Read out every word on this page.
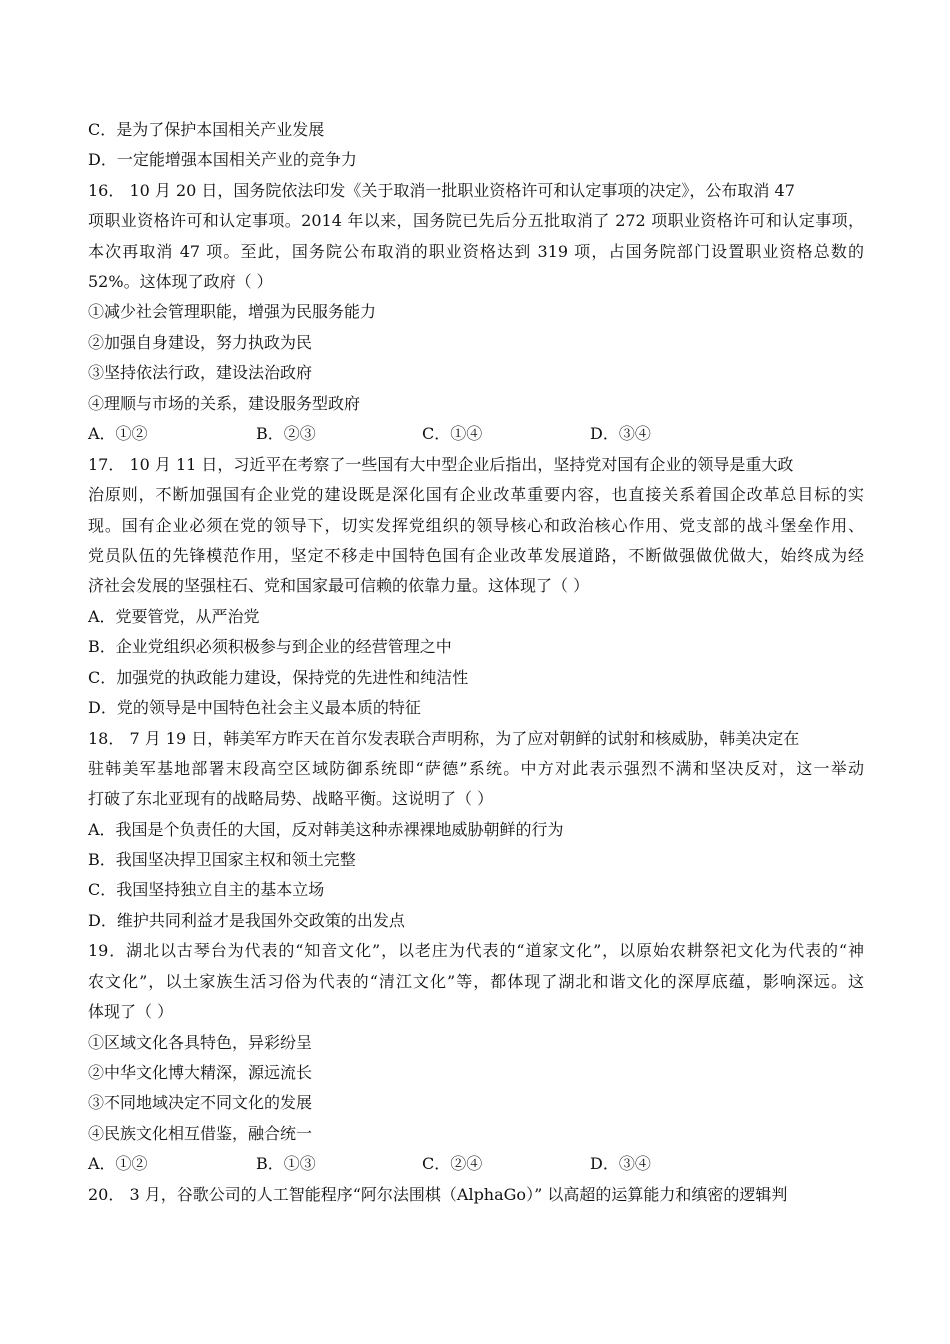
C．是为了保护本国相关产业发展
D．一定能增强本国相关产业的竞争力
16． 10 月 20 日，国务院依法印发《关于取消一批职业资格许可和认定事项的决定》，公布取消 47
项职业资格许可和认定事项。2014 年以来，国务院已先后分五批取消了 272 项职业资格许可和认定事项，
本次再取消 47 项。至此，国务院公布取消的职业资格达到 319 项，占国务院部门设置职业资格总数的
52%。这体现了政府（ ）
①减少社会管理职能，增强为民服务能力
②加强自身建设，努力执政为民
③坚持依法行政，建设法治政府
④理顺与市场的关系，建设服务型政府
A．①②	B．②③	C．①④	D．③④
17． 10 月 11 日，习近平在考察了一些国有大中型企业后指出，坚持党对国有企业的领导是重大政
治原则，不断加强国有企业党的建设既是深化国有企业改革重要内容，也直接关系着国企改革总目标的实
现。国有企业必须在党的领导下，切实发挥党组织的领导核心和政治核心作用、党支部的战斗堡垒作用、
党员队伍的先锋模范作用，坚定不移走中国特色国有企业改革发展道路，不断做强做优做大，始终成为经
济社会发展的坚强柱石、党和国家最可信赖的依靠力量。这体现了（ ）
A．党要管党，从严治党
B．企业党组织必须积极参与到企业的经营管理之中
C．加强党的执政能力建设，保持党的先进性和纯洁性
D．党的领导是中国特色社会主义最本质的特征
18． 7 月 19 日，韩美军方昨天在首尔发表联合声明称，为了应对朝鲜的试射和核威胁，韩美决定在
驻韩美军基地部署末段高空区域防御系统即“萨德”系统。中方对此表示强烈不满和坚决反对，这一举动
打破了东北亚现有的战略局势、战略平衡。这说明了（ ）
A．我国是个负责任的大国，反对韩美这种赤裸裸地威胁朝鲜的行为
B．我国坚决捍卫国家主权和领土完整
C．我国坚持独立自主的基本立场
D．维护共同利益才是我国外交政策的出发点
19．湖北以古琴台为代表的“知音文化”，以老庄为代表的“道家文化”，以原始农耕祭祀文化为代表的“神
农文化”，以土家族生活习俗为代表的“清江文化”等，都体现了湖北和谐文化的深厚底蕴，影响深远。这
体现了（ ）
①区域文化各具特色，异彩纷呈
②中华文化博大精深，源远流长
③不同地域决定不同文化的发展
④民族文化相互借鉴，融合统一
A．①②	B．①③	C．②④	D．③④
20． 3 月，谷歌公司的人工智能程序“阿尔法围棋（AlphaGo）” 以高超的运算能力和缜密的逻辑判
